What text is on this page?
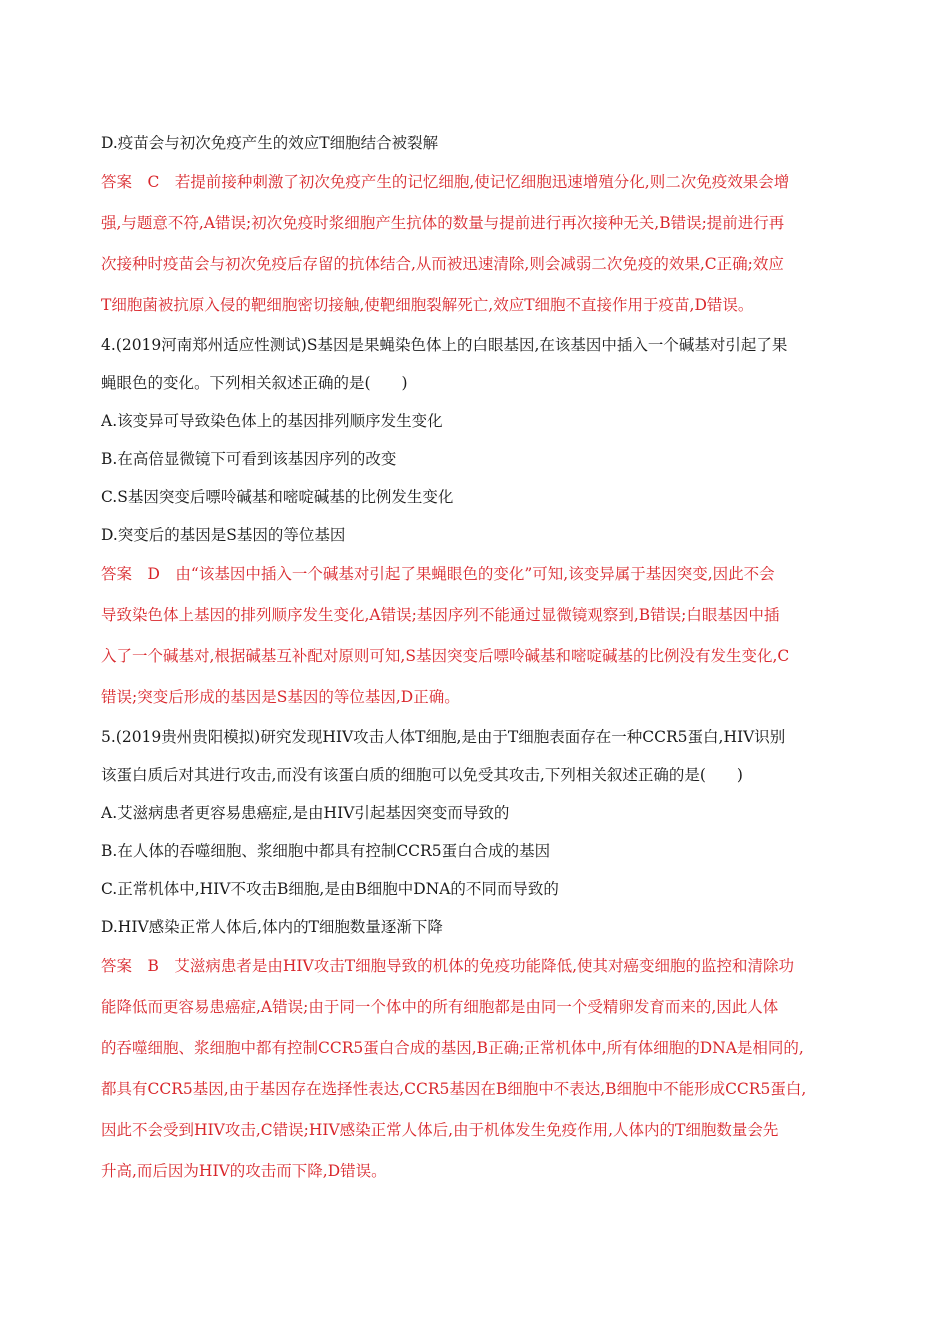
D.疫苗会与初次免疫产生的效应T细胞结合被裂解
答案　C　若提前接种刺激了初次免疫产生的记忆细胞,使记忆细胞迅速增殖分化,则二次免疫效果会增
强,与题意不符,A错误;初次免疫时浆细胞产生抗体的数量与提前进行再次接种无关,B错误;提前进行再
次接种时疫苗会与初次免疫后存留的抗体结合,从而被迅速清除,则会减弱二次免疫的效果,C正确;效应
T细胞菌被抗原入侵的靶细胞密切接触,使靶细胞裂解死亡,效应T细胞不直接作用于疫苗,D错误。
4.(2019河南郑州适应性测试)S基因是果蝇染色体上的白眼基因,在该基因中插入一个碱基对引起了果
蝇眼色的变化。下列相关叙述正确的是(　　)
A.该变异可导致染色体上的基因排列顺序发生变化
B.在高倍显微镜下可看到该基因序列的改变
C.S基因突变后嘌呤碱基和嘧啶碱基的比例发生变化
D.突变后的基因是S基因的等位基因
答案　D　由“该基因中插入一个碱基对引起了果蝇眼色的变化”可知,该变异属于基因突变,因此不会
导致染色体上基因的排列顺序发生变化,A错误;基因序列不能通过显微镜观察到,B错误;白眼基因中插
入了一个碱基对,根据碱基互补配对原则可知,S基因突变后嘌呤碱基和嘧啶碱基的比例没有发生变化,C
错误;突变后形成的基因是S基因的等位基因,D正确。
5.(2019贵州贵阳模拟)研究发现HIV攻击人体T细胞,是由于T细胞表面存在一种CCR5蛋白,HIV识别
该蛋白质后对其进行攻击,而没有该蛋白质的细胞可以免受其攻击,下列相关叙述正确的是(　　)
A.艾滋病患者更容易患癌症,是由HIV引起基因突变而导致的
B.在人体的吞噬细胞、浆细胞中都具有控制CCR5蛋白合成的基因
C.正常机体中,HIV不攻击B细胞,是由B细胞中DNA的不同而导致的
D.HIV感染正常人体后,体内的T细胞数量逐渐下降
答案　B　艾滋病患者是由HIV攻击T细胞导致的机体的免疫功能降低,使其对癌变细胞的监控和清除功
能降低而更容易患癌症,A错误;由于同一个体中的所有细胞都是由同一个受精卵发育而来的,因此人体
的吞噬细胞、浆细胞中都有控制CCR5蛋白合成的基因,B正确;正常机体中,所有体细胞的DNA是相同的,
都具有CCR5基因,由于基因存在选择性表达,CCR5基因在B细胞中不表达,B细胞中不能形成CCR5蛋白,
因此不会受到HIV攻击,C错误;HIV感染正常人体后,由于机体发生免疫作用,人体内的T细胞数量会先
升高,而后因为HIV的攻击而下降,D错误。
